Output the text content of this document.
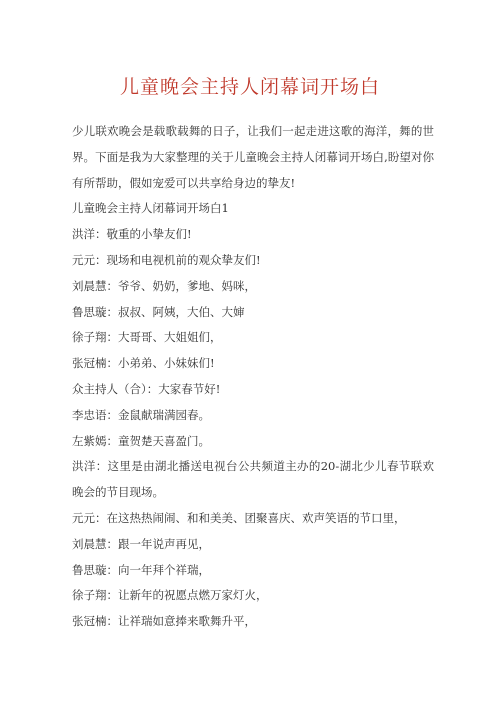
儿童晚会主持人闭幕词开场白

少儿联欢晚会是载歌载舞的日子，让我们一起走进这歌的海洋，舞的世界。下面是我为大家整理的关于儿童晚会主持人闭幕词开场白,盼望对你有所帮助，假如宠爱可以共享给身边的挚友!

儿童晚会主持人闭幕词开场白1

洪洋：敬重的小挚友们!

元元：现场和电视机前的观众挚友们!

刘晨慧：爷爷、奶奶，爹地、妈咪，

鲁思璇：叔叔、阿姨，大伯、大婶

徐子翔：大哥哥、大姐姐们，

张冠楠：小弟弟、小妹妹们!

众主持人（合）：大家春节好!

李忠语：金鼠献瑞满园春。

左紫嫣：童贺楚天喜盈门。

洪洋：这里是由湖北播送电视台公共频道主办的20-湖北少儿春节联欢晚会的节目现场。

元元：在这热热闹闹、和和美美、团聚喜庆、欢声笑语的节口里，

刘晨慧：跟一年说声再见，

鲁思璇：向一年拜个祥瑞，

徐子翔：让新年的祝愿点燃万家灯火，

张冠楠：让祥瑞如意捧来歌舞升平，
